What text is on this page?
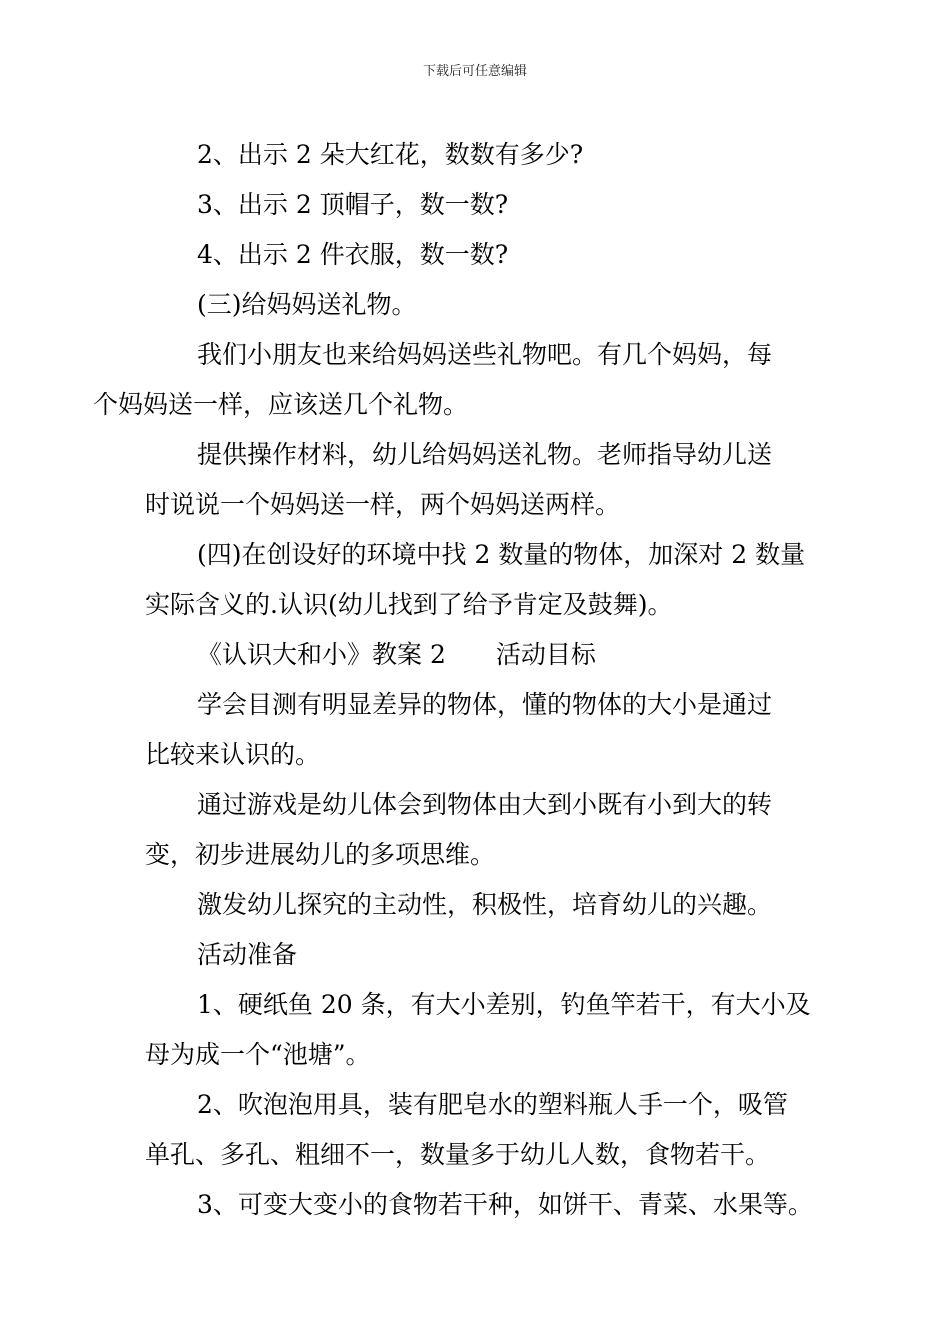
下载后可任意编辑

2、出示 2 朵大红花，数数有多少?

3、出示 2 顶帽子，数一数?

4、出示 2 件衣服，数一数?

(三)给妈妈送礼物。

我们小朋友也来给妈妈送些礼物吧。有几个妈妈，每
个妈妈送一样，应该送几个礼物。

提供操作材料，幼儿给妈妈送礼物。老师指导幼儿送
时说说一个妈妈送一样，两个妈妈送两样。

(四)在创设好的环境中找 2 数量的物体，加深对 2 数量
实际含义的.认识(幼儿找到了给予肯定及鼓舞)。

《认识大和小》教案 2　　活动目标

学会目测有明显差异的物体，懂的物体的大小是通过
比较来认识的。

通过游戏是幼儿体会到物体由大到小既有小到大的转
变，初步进展幼儿的多项思维。

激发幼儿探究的主动性，积极性，培育幼儿的兴趣。

活动准备

1、硬纸鱼 20 条，有大小差别，钓鱼竿若干，有大小及
母为成一个“池塘”。

2、吹泡泡用具，装有肥皂水的塑料瓶人手一个，吸管
单孔、多孔、粗细不一，数量多于幼儿人数，食物若干。

3、可变大变小的食物若干种，如饼干、青菜、水果等。
